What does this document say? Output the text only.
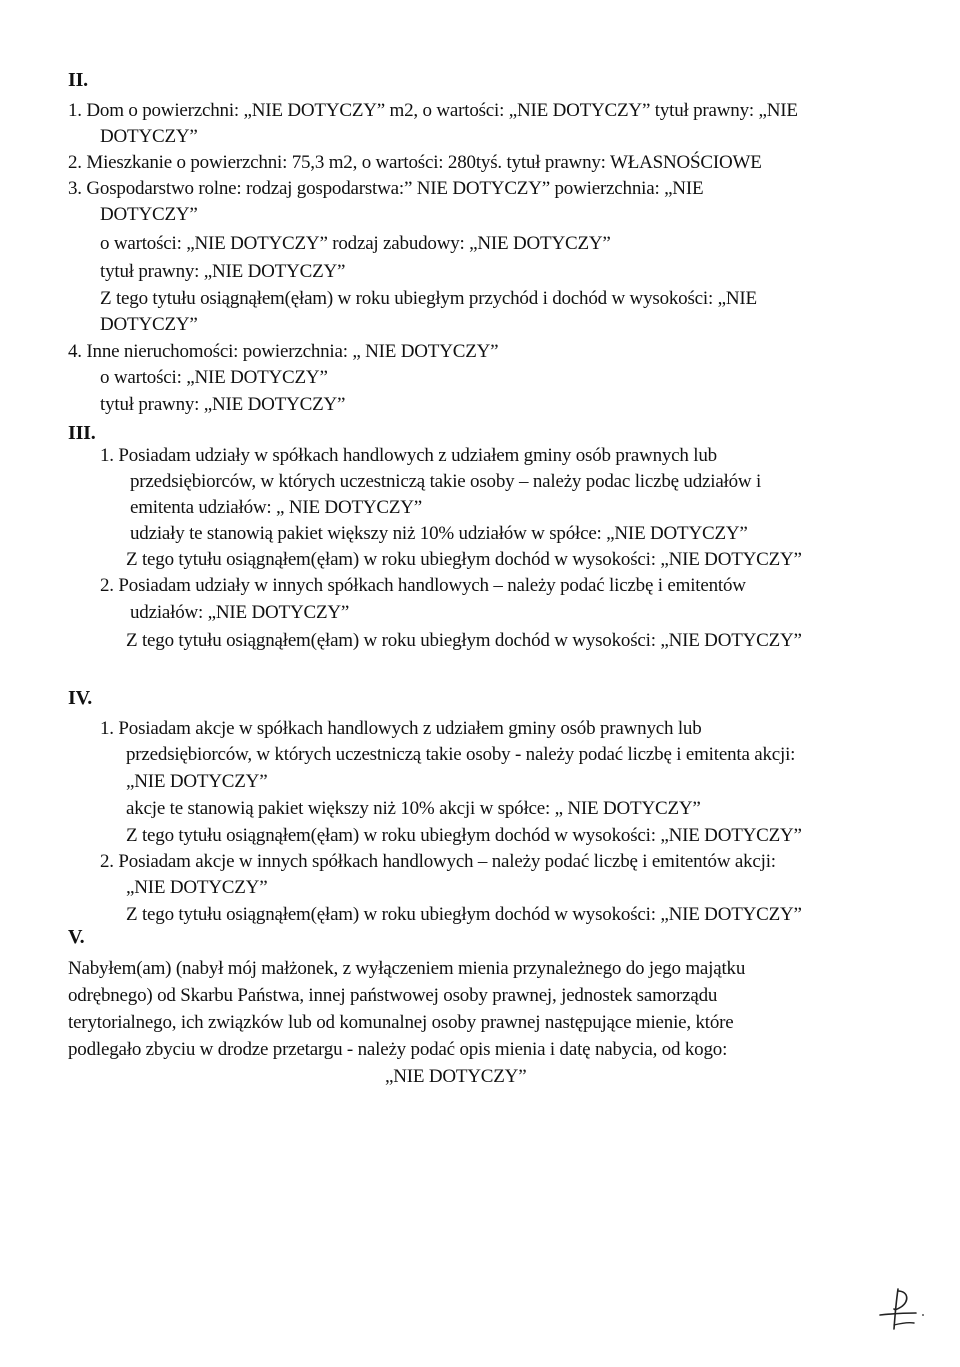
II.
1. Dom o powierzchni: „NIE DOTYCZY” m2, o wartości: „NIE DOTYCZY” tytuł prawny: „NIE
DOTYCZY”
2. Mieszkanie o powierzchni: 75,3 m2, o wartości: 280tyś. tytuł prawny: WŁASNOŚCIOWE
3. Gospodarstwo rolne: rodzaj gospodarstwa:” NIE DOTYCZY” powierzchnia: „NIE
DOTYCZY”
o wartości: „NIE DOTYCZY” rodzaj zabudowy: „NIE DOTYCZY”
tytuł prawny: „NIE DOTYCZY”
Z tego tytułu osiągnąłem(ęłam) w roku ubiegłym przychód i dochód w wysokości: „NIE
DOTYCZY”
4. Inne nieruchomości: powierzchnia: „ NIE DOTYCZY”
o wartości: „NIE DOTYCZY”
tytuł prawny: „NIE DOTYCZY”
III.
1. Posiadam udziały w spółkach handlowych z udziałem gminy osób prawnych lub
przedsiębiorców, w których uczestniczą takie osoby – należy podac liczbę udziałów i
emitenta udziałów: „ NIE DOTYCZY”
udziały te stanowią pakiet większy niż 10% udziałów w spółce: „NIE DOTYCZY”
Z tego tytułu osiągnąłem(ęłam) w roku ubiegłym dochód w wysokości: „NIE DOTYCZY”
2. Posiadam udziały w innych spółkach handlowych – należy podać liczbę i emitentów
udziałów: „NIE DOTYCZY”
Z tego tytułu osiągnąłem(ęłam) w roku ubiegłym dochód w wysokości: „NIE DOTYCZY”
IV.
1. Posiadam akcje w spółkach handlowych z udziałem gminy osób prawnych lub
przedsiębiorców, w których uczestniczą takie osoby - należy podać liczbę i emitenta akcji:
„NIE DOTYCZY”
akcje te stanowią pakiet większy niż 10% akcji w spółce: „ NIE DOTYCZY”
Z tego tytułu osiągnąłem(ęłam) w roku ubiegłym dochód w wysokości: „NIE DOTYCZY”
2. Posiadam akcje w innych spółkach handlowych – należy podać liczbę i emitentów akcji:
„NIE DOTYCZY”
Z tego tytułu osiągnąłem(ęłam) w roku ubiegłym dochód w wysokości: „NIE DOTYCZY”
V.
Nabyłem(am) (nabył mój małżonek, z wyłączeniem mienia przynależnego do jego majątku
odrębnego) od Skarbu Państwa, innej państwowej osoby prawnej, jednostek samorządu
terytorialnego, ich związków lub od komunalnej osoby prawnej następujące mienie, które
podlegało zbyciu w drodze przetargu - należy podać opis mienia i datę nabycia, od kogo:
„NIE DOTYCZY”
